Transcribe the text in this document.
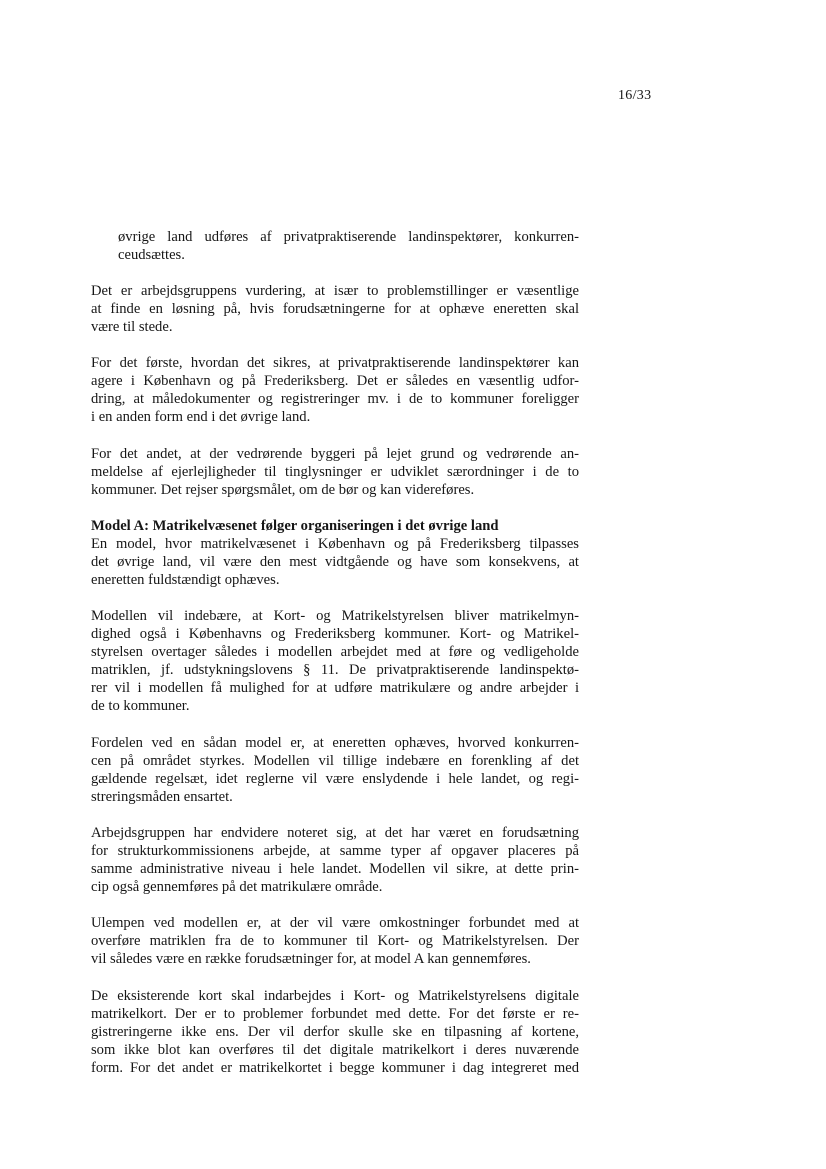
16/33
øvrige land udføres af privatpraktiserende landinspektører, konkurren-
ceudsættes.
Det er arbejdsgruppens vurdering, at især to problemstillinger er væsentlige
at finde en løsning på, hvis forudsætningerne for at ophæve eneretten skal
være til stede.
For det første, hvordan det sikres, at privatpraktiserende landinspektører kan
agere i København og på Frederiksberg. Det er således en væsentlig udfor-
dring, at måledokumenter og registreringer mv. i de to kommuner foreligger
i en anden form end i det øvrige land.
For det andet, at der vedrørende byggeri på lejet grund og vedrørende an-
meldelse af ejerlejligheder til tinglysninger er udviklet særordninger i de to
kommuner. Det rejser spørgsmålet, om de bør og kan videreføres.
Model A: Matrikelvæsenet følger organiseringen i det øvrige land
En model, hvor matrikelvæsenet i København og på Frederiksberg tilpasses
det øvrige land, vil være den mest vidtgående og have som konsekvens, at
eneretten fuldstændigt ophæves.
Modellen vil indebære, at Kort- og Matrikelstyrelsen bliver matrikelmyn-
dighed også i Københavns og Frederiksberg kommuner. Kort- og Matrikel-
styrelsen overtager således i modellen arbejdet med at føre og vedligeholde
matriklen, jf. udstykningslovens § 11. De privatpraktiserende landinspektø-
rer vil i modellen få mulighed for at udføre matrikulære og andre arbejder i
de to kommuner.
Fordelen ved en sådan model er, at eneretten ophæves, hvorved konkurren-
cen på området styrkes. Modellen vil tillige indebære en forenkling af det
gældende regelsæt, idet reglerne vil være enslydende i hele landet, og regi-
streringsmåden ensartet.
Arbejdsgruppen har endvidere noteret sig, at det har været en forudsætning
for strukturkommissionens arbejde, at samme typer af opgaver placeres på
samme administrative niveau i hele landet. Modellen vil sikre, at dette prin-
cip også gennemføres på det matrikulære område.
Ulempen ved modellen er, at der vil være omkostninger forbundet med at
overføre matriklen fra de to kommuner til Kort- og Matrikelstyrelsen. Der
vil således være en række forudsætninger for, at model A kan gennemføres.
De eksisterende kort skal indarbejdes i Kort- og Matrikelstyrelsens digitale
matrikelkort. Der er to problemer forbundet med dette. For det første er re-
gistreringerne ikke ens. Der vil derfor skulle ske en tilpasning af kortene,
som ikke blot kan overføres til det digitale matrikelkort i deres nuværende
form. For det andet er matrikelkortet i begge kommuner i dag integreret med
